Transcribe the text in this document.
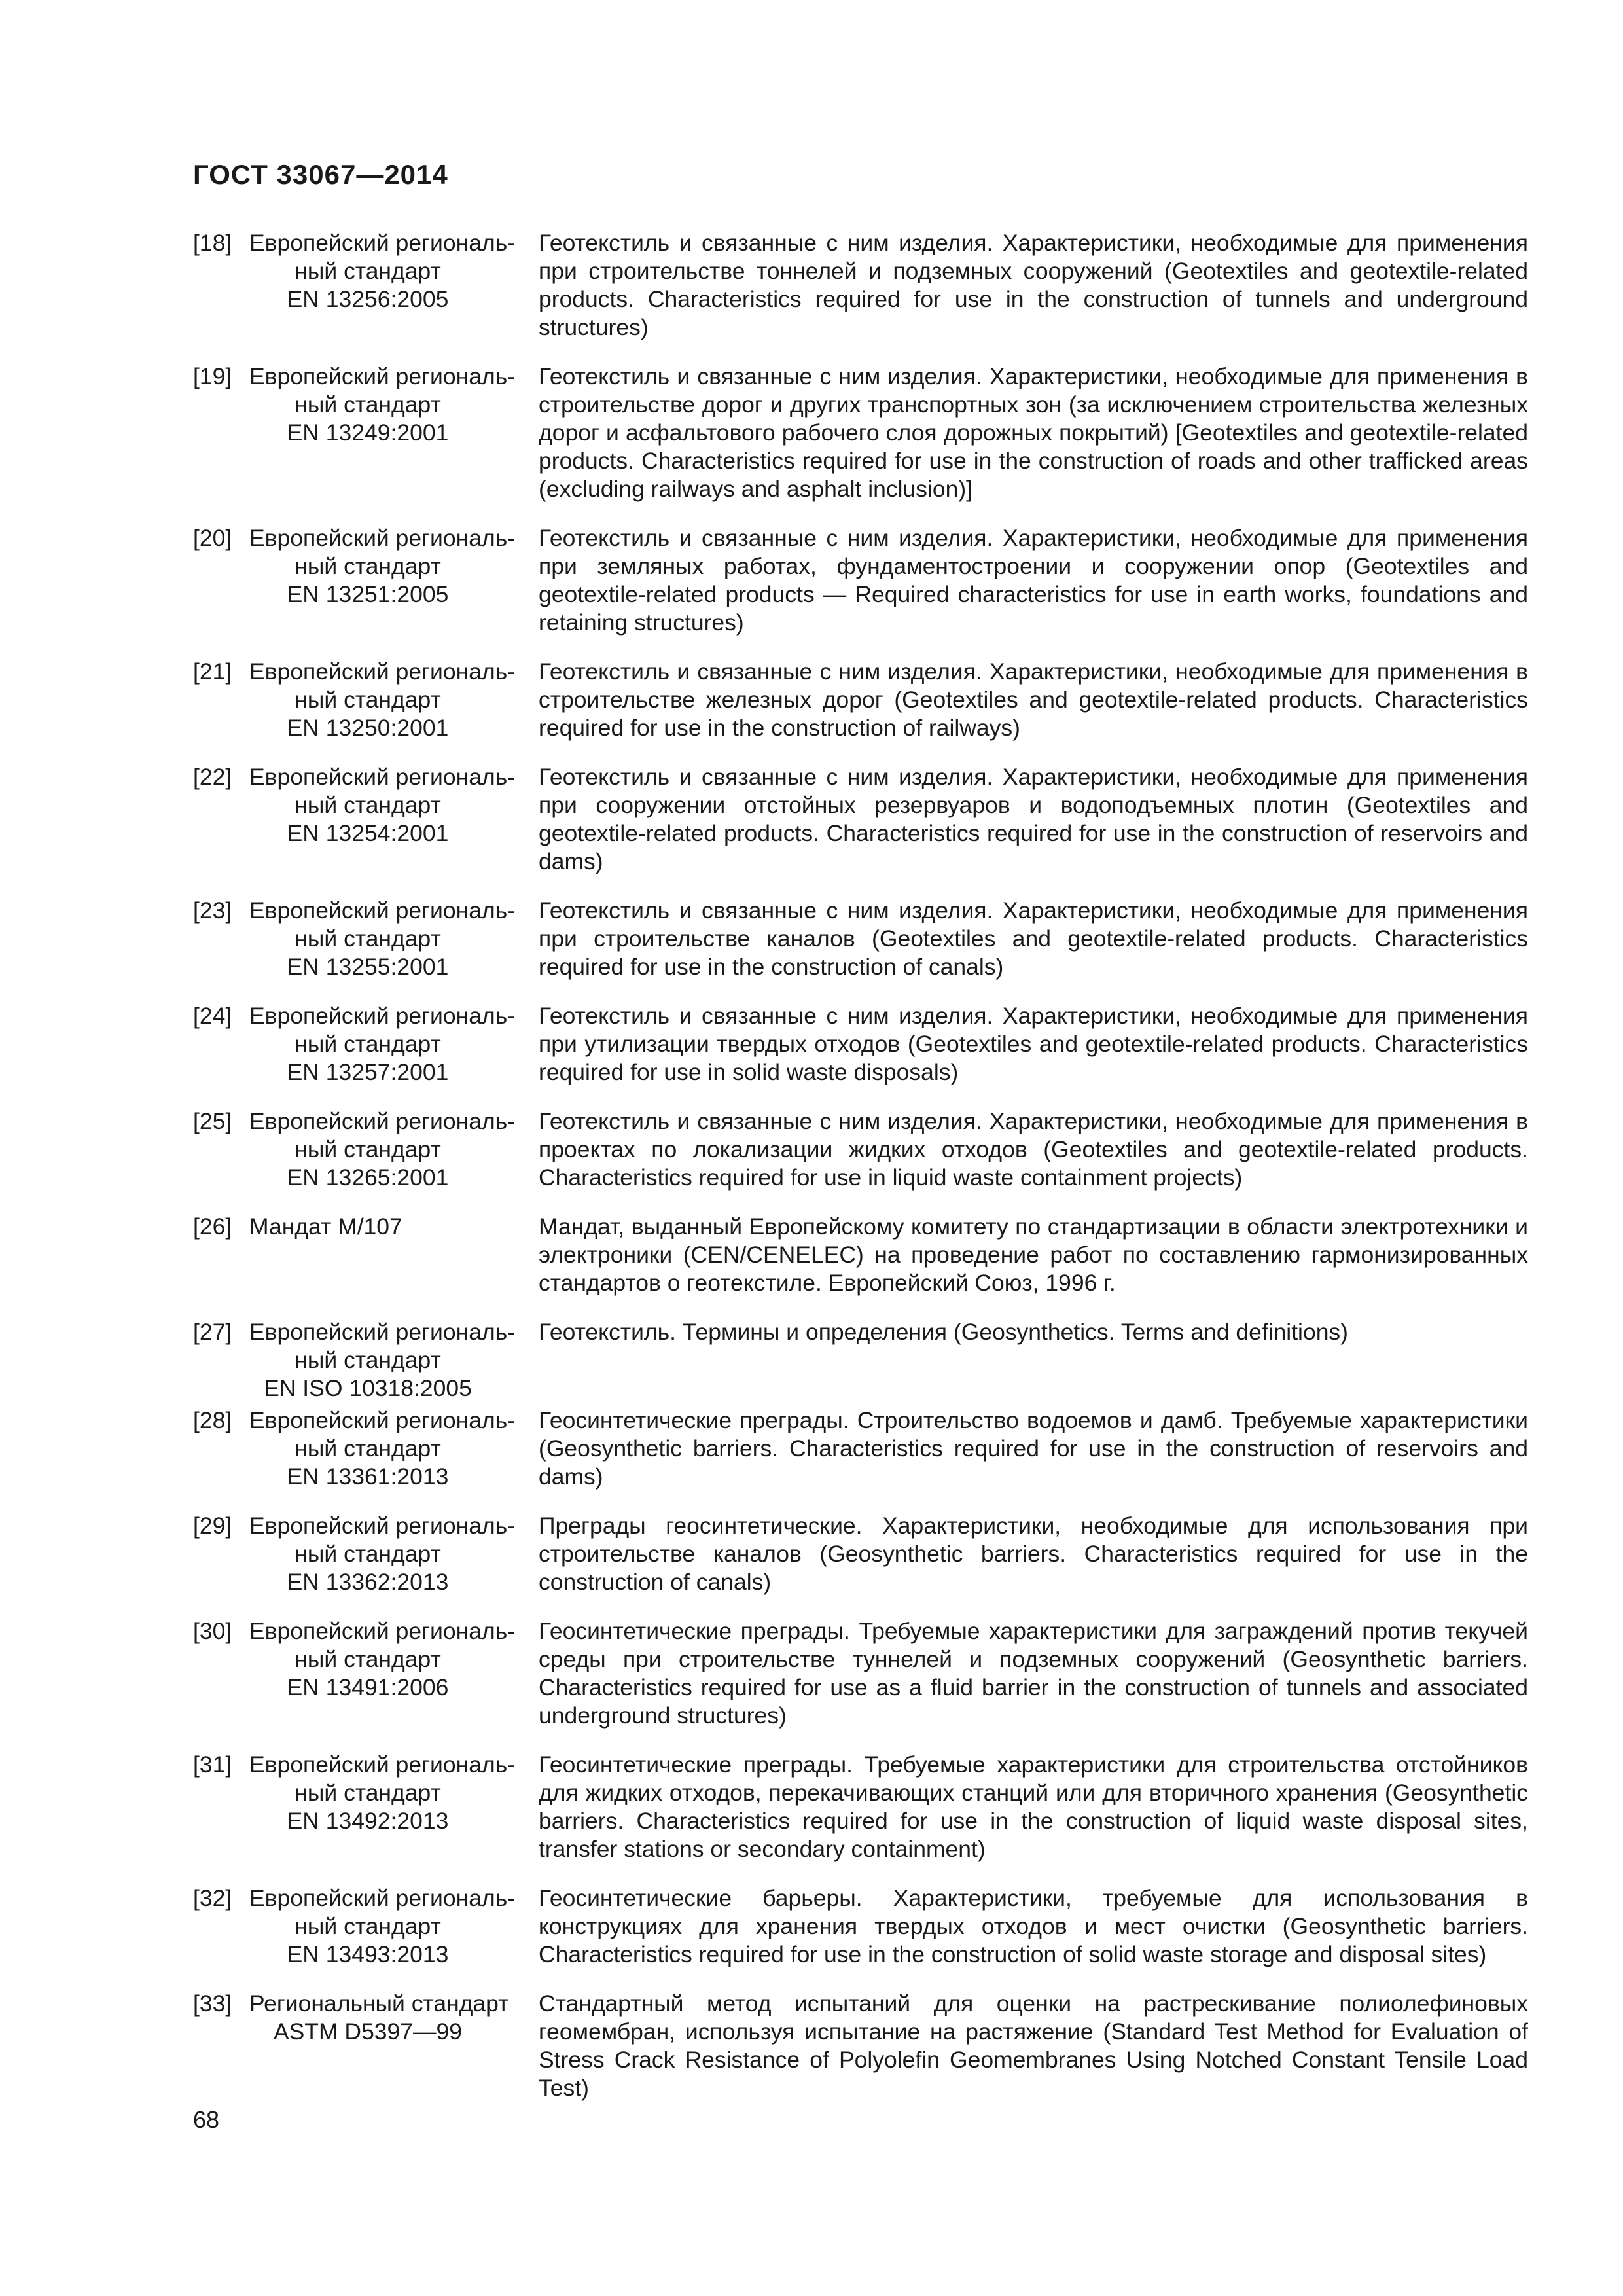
ГОСТ 33067—2014
[18] Европейский региональ-
ный стандарт
EN 13256:2005
Геотекстиль и связанные с ним изделия. Характеристики, необходимые для применения при строительстве тоннелей и подземных сооружений (Geotextiles and geotextile-related products. Characteristics required for use in the construction of tunnels and underground structures)
[19] Европейский региональ-
ный стандарт
EN 13249:2001
Геотекстиль и связанные с ним изделия. Характеристики, необходимые для применения в строительстве дорог и других транспортных зон (за исключением строительства железных дорог и асфальтового рабочего слоя дорожных покрытий) [Geotextiles and geotextile-related products. Characteristics required for use in the construction of roads and other trafficked areas (excluding railways and asphalt inclusion)]
[20] Европейский региональ-
ный стандарт
EN 13251:2005
Геотекстиль и связанные с ним изделия. Характеристики, необходимые для применения при земляных работах, фундаментостроении и сооружении опор (Geotextiles and geotextile-related products — Required characteristics for use in earth works, foundations and retaining structures)
[21] Европейский региональ-
ный стандарт
EN 13250:2001
Геотекстиль и связанные с ним изделия. Характеристики, необходимые для применения в строительстве железных дорог (Geotextiles and geotextile-related products. Characteristics required for use in the construction of railways)
[22] Европейский региональ-
ный стандарт
EN 13254:2001
Геотекстиль и связанные с ним изделия. Характеристики, необходимые для применения при сооружении отстойных резервуаров и водоподъемных плотин (Geotextiles and geotextile-related products. Characteristics required for use in the construction of reservoirs and dams)
[23] Европейский региональ-
ный стандарт
EN 13255:2001
Геотекстиль и связанные с ним изделия. Характеристики, необходимые для применения при строительстве каналов (Geotextiles and geotextile-related products. Characteristics required for use in the construction of canals)
[24] Европейский региональ-
ный стандарт
EN 13257:2001
Геотекстиль и связанные с ним изделия. Характеристики, необходимые для применения при утилизации твердых отходов (Geotextiles and geotextile-related products. Characteristics required for use in solid waste disposals)
[25] Европейский региональ-
ный стандарт
EN 13265:2001
Геотекстиль и связанные с ним изделия. Характеристики, необходимые для применения в проектах по локализации жидких отходов (Geotextiles and geotextile-related products. Characteristics required for use in liquid waste containment projects)
[26] Мандат М/107	Мандат, выданный Европейскому комитету по стандартизации в области электротехники и электроники (CEN/CENELEC) на проведение работ по составлению гармонизированных стандартов о геотекстиле. Европейский Союз, 1996 г.
[27] Европейский региональ-
ный стандарт
EN ISO 10318:2005
Геотекстиль. Термины и определения (Geosynthetics. Terms and definitions)
[28] Европейский региональ-
ный стандарт
EN 13361:2013
Геосинтетические преграды. Строительство водоемов и дамб. Требуемые характеристики (Geosynthetic barriers. Characteristics required for use in the construction of reservoirs and dams)
[29] Европейский региональ-
ный стандарт
EN 13362:2013
Преграды геосинтетические. Характеристики, необходимые для использования при строительстве каналов (Geosynthetic barriers. Characteristics required for use in the construction of canals)
[30] Европейский региональ-
ный стандарт
EN 13491:2006
Геосинтетические преграды. Требуемые характеристики для заграждений против текучей среды при строительстве туннелей и подземных сооружений (Geosynthetic barriers. Characteristics required for use as a fluid barrier in the construction of tunnels and associated underground structures)
[31] Европейский региональ-
ный стандарт
EN 13492:2013
Геосинтетические преграды. Требуемые характеристики для строительства отстойников для жидких отходов, перекачивающих станций или для вторичного хранения (Geosynthetic barriers. Characteristics required for use in the construction of liquid waste disposal sites, transfer stations or secondary containment)
[32] Европейский региональ-
ный стандарт
EN 13493:2013
Геосинтетические барьеры. Характеристики, требуемые для использования в конструкциях для хранения твердых отходов и мест очистки (Geosynthetic barriers. Characteristics required for use in the construction of solid waste storage and disposal sites)
[33] Региональный стандарт
ASTM D5397—99
Стандартный метод испытаний для оценки на растрескивание полиолефиновых геомембран, используя испытание на растяжение (Standard Test Method for Evaluation of Stress Crack Resistance of Polyolefin Geomembranes Using Notched Constant Tensile Load Test)
68
